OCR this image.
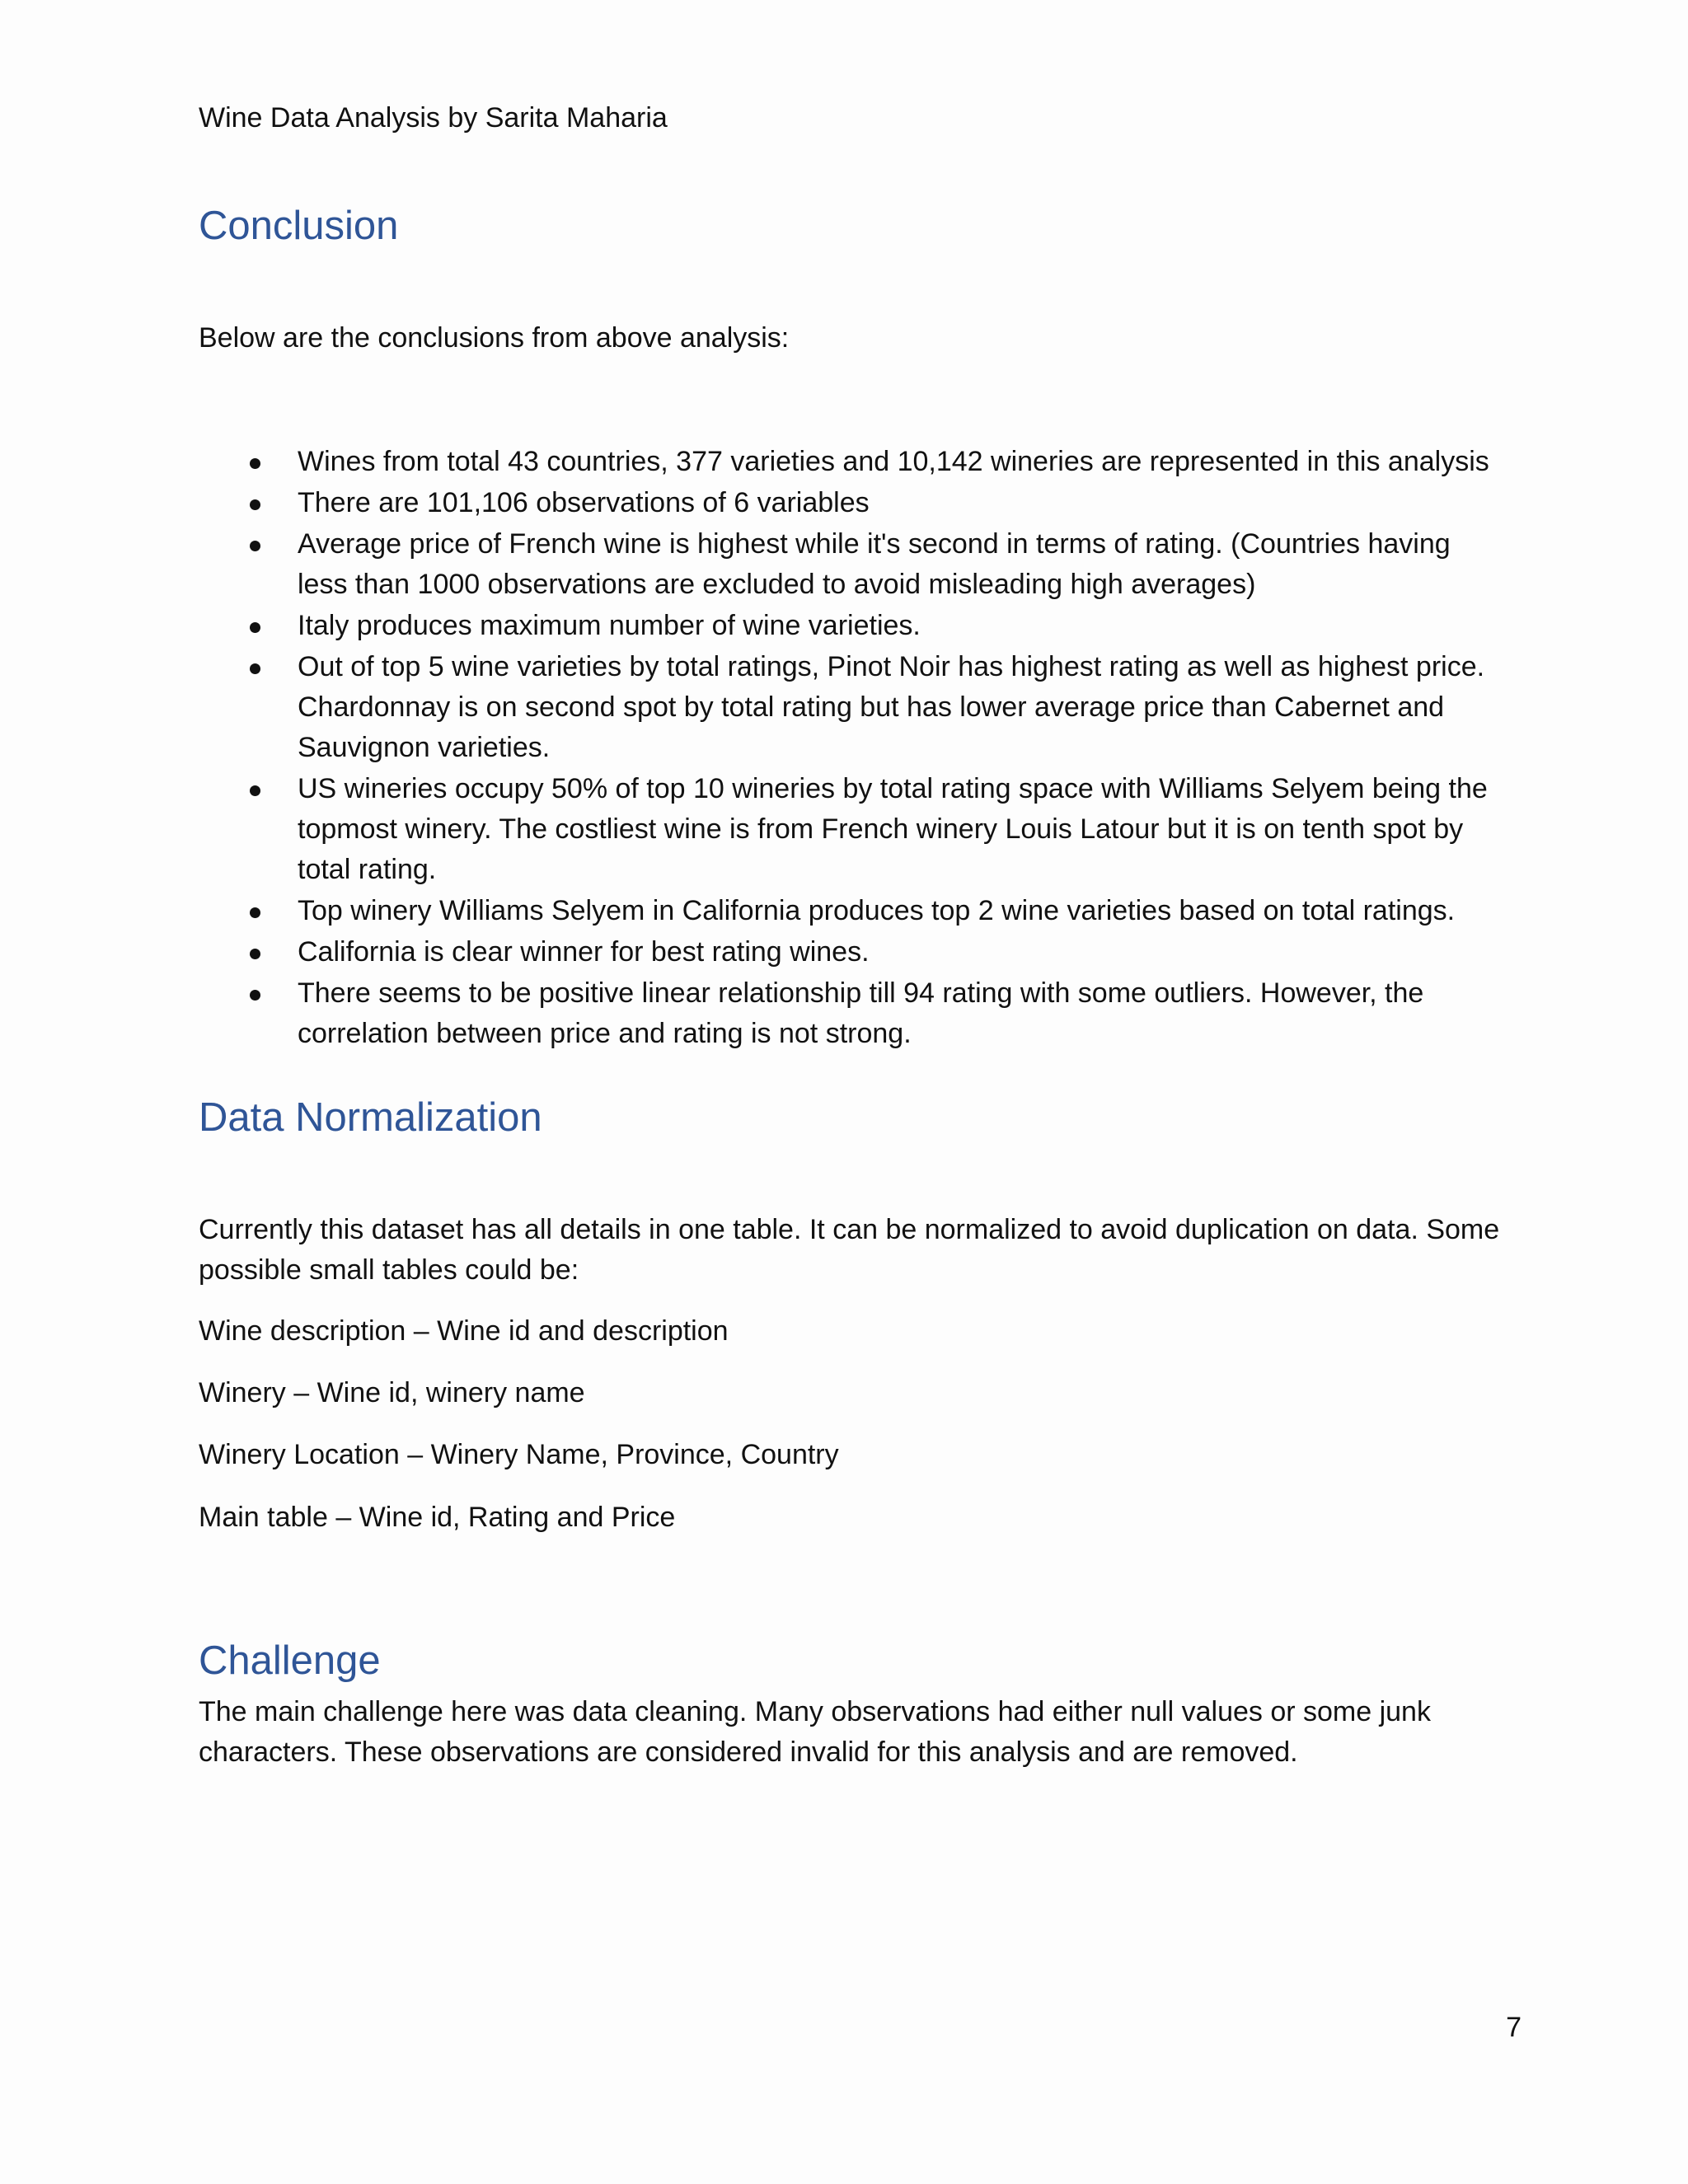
Wine Data Analysis by Sarita Maharia
Conclusion

Below are the conclusions from above analysis:

Wines from total 43 countries, 377 varieties and 10,142 wineries are represented in this analysis
There are 101,106 observations of 6 variables
Average price of French wine is highest while it's second in terms of rating. (Countries having less than 1000 observations are excluded to avoid misleading high averages)
Italy produces maximum number of wine varieties.
Out of top 5 wine varieties by total ratings, Pinot Noir has highest rating as well as highest price. Chardonnay is on second spot by total rating but has lower average price than Cabernet and Sauvignon varieties.
US wineries occupy 50% of top 10 wineries by total rating space with Williams Selyem being the topmost winery. The costliest wine is from French winery Louis Latour but it is on tenth spot by total rating.
Top winery Williams Selyem in California produces top 2 wine varieties based on total ratings.
California is clear winner for best rating wines.
There seems to be positive linear relationship till 94 rating with some outliers. However, the correlation between price and rating is not strong.
Data Normalization

Currently this dataset has all details in one table. It can be normalized to avoid duplication on data. Some possible small tables could be:

Wine description – Wine id and description

Winery – Wine id, winery name

Winery Location – Winery Name, Province, Country

Main table – Wine id, Rating and Price

Challenge

The main challenge here was data cleaning. Many observations had either null values or some junk characters. These observations are considered invalid for this analysis and are removed.

7
